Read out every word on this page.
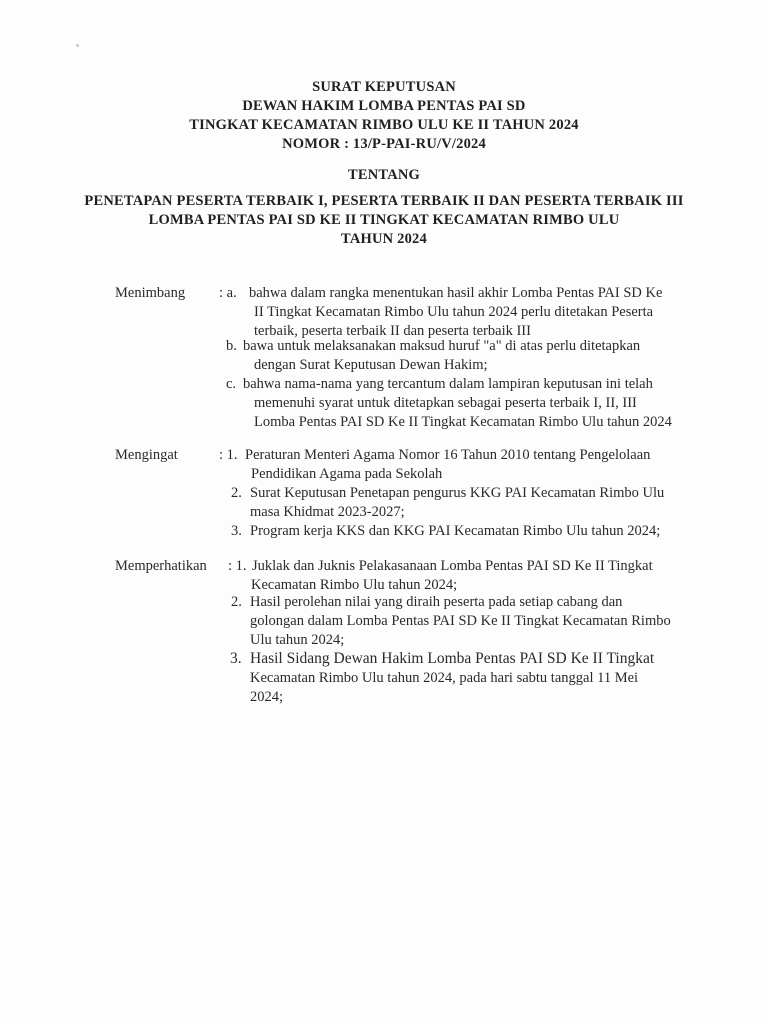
SURAT KEPUTUSAN
DEWAN HAKIM LOMBA PENTAS PAI SD
TINGKAT KECAMATAN RIMBO ULU KE II TAHUN 2024
NOMOR : 13/P-PAI-RU/V/2024
TENTANG
PENETAPAN PESERTA TERBAIK I, PESERTA TERBAIK II DAN PESERTA TERBAIK III
LOMBA PENTAS PAI SD KE II TINGKAT KECAMATAN RIMBO ULU
TAHUN 2024
Menimbang : a. bahwa dalam rangka menentukan hasil akhir Lomba Pentas PAI SD Ke
II Tingkat Kecamatan Rimbo Ulu tahun 2024 perlu ditetakan Peserta
terbaik, peserta terbaik II dan peserta terbaik III
b. bawa untuk melaksanakan maksud huruf "a" di atas perlu ditetapkan
dengan Surat Keputusan Dewan Hakim;
c. bahwa nama-nama yang tercantum dalam lampiran keputusan ini telah
memenuhi syarat untuk ditetapkan sebagai peserta terbaik I, II, III
Lomba Pentas PAI SD Ke II Tingkat Kecamatan Rimbo Ulu tahun 2024
Mengingat	: 1. Peraturan Menteri Agama Nomor 16 Tahun 2010 tentang Pengelolaan
Pendidikan Agama pada Sekolah
2. Surat Keputusan Penetapan pengurus KKG PAI Kecamatan Rimbo Ulu
masa Khidmat 2023-2027;
3. Program kerja KKS dan KKG PAI Kecamatan Rimbo Ulu tahun 2024;
Memperhatikan : 1. Juklak dan Juknis Pelakasanaan Lomba Pentas PAI SD Ke II Tingkat
Kecamatan Rimbo Ulu tahun 2024;
2. Hasil perolehan nilai yang diraih peserta pada setiap cabang dan
golongan dalam Lomba Pentas PAI SD Ke II Tingkat Kecamatan Rimbo
Ulu tahun 2024;
3. Hasil Sidang Dewan Hakim Lomba Pentas PAI SD Ke II Tingkat
Kecamatan Rimbo Ulu tahun 2024, pada hari sabtu tanggal 11 Mei
2024;
